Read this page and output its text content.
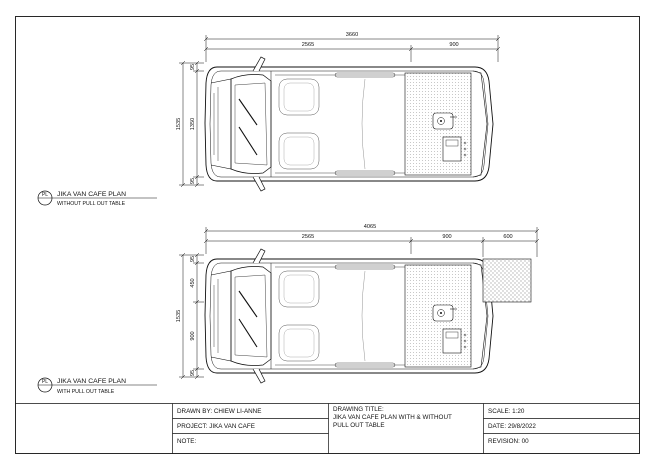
3660
2565	900
1535
95
1350
95
PL JIKA VAN CAFE PLAN
WITHOUT PULL OUT TABLE
4065
2565	900	600
1535
95
450
900
95
PL JIKA VAN CAFE PLAN
WITH PULL OUT TABLE
DRAWN BY: CHIEW LI-ANNE
PROJECT: JIKA VAN CAFE
NOTE:
DRAWING TITLE:
JIKA VAN CAFE PLAN WITH & WITHOUT
PULL OUT TABLE
SCALE: 1:20
DATE: 29/8/2022
REVISION: 00
